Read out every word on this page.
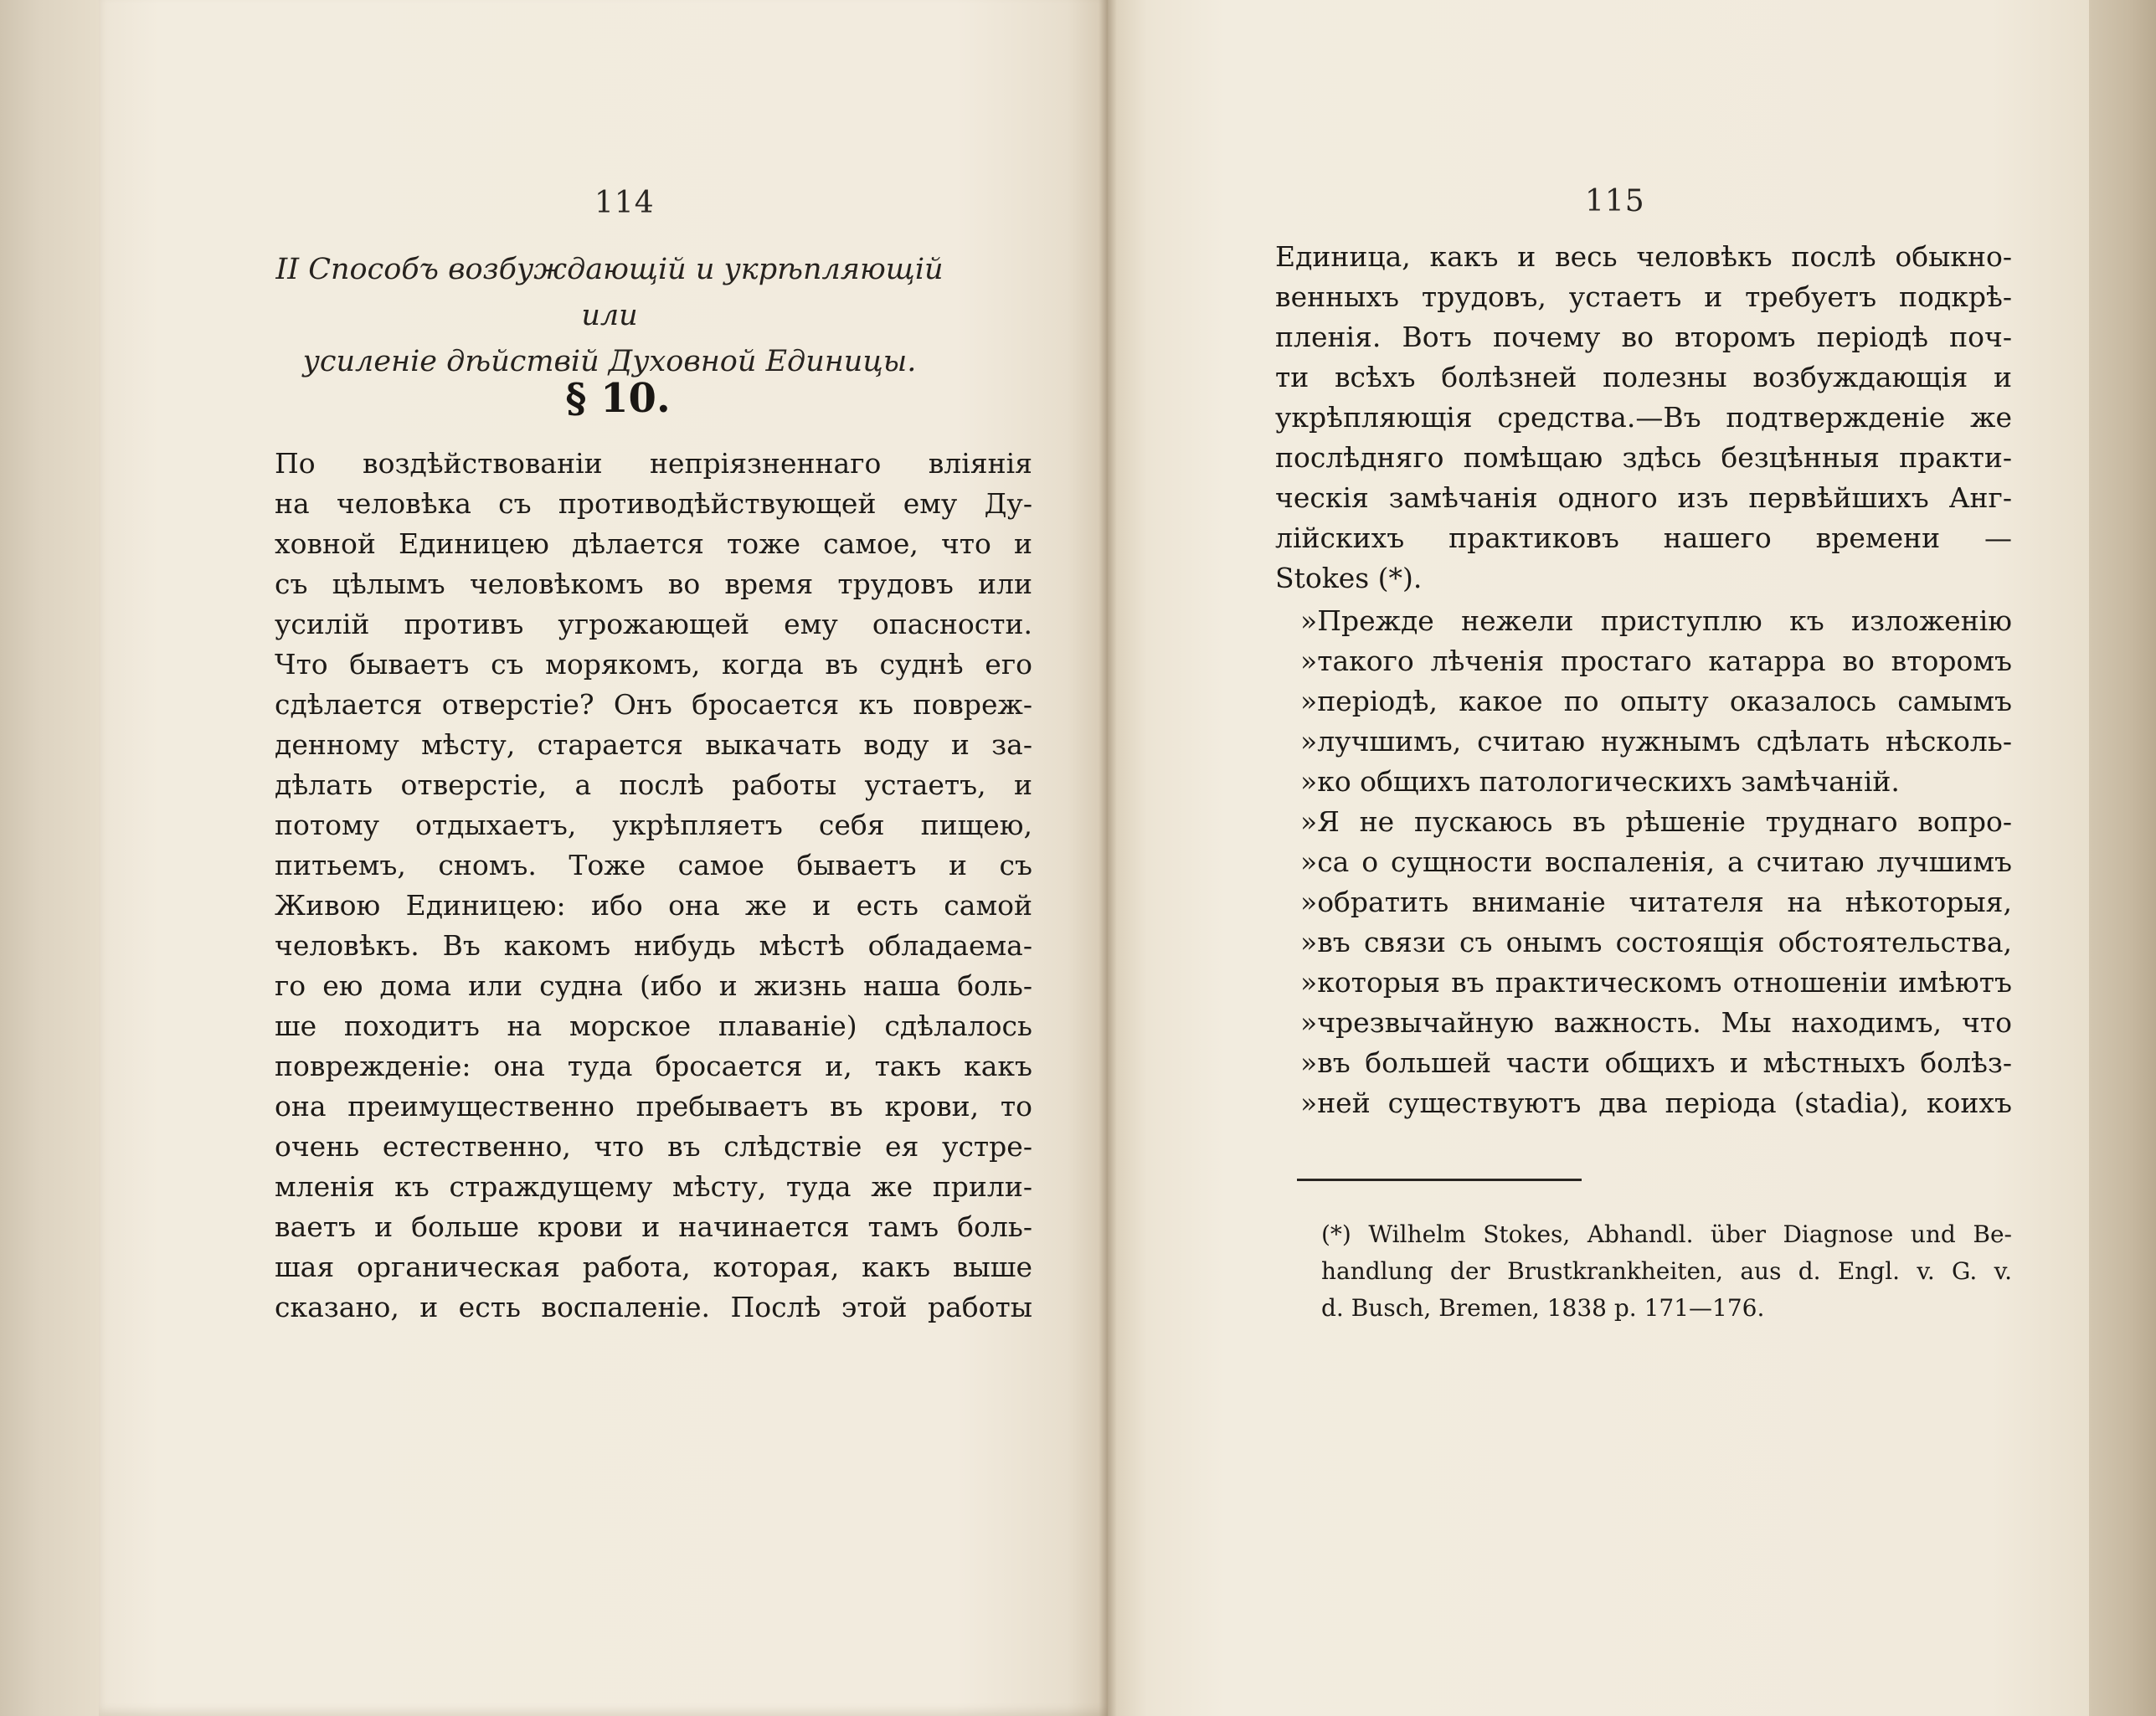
114
II Способъ возбуждающій и укрѣпляющій или
усиленіе дѣйствій Духовной Единицы.
§ 10.
По воздѣйствованіи непріязненнаго вліянія
на человѣка съ противодѣйствующей ему Ду-
ховной Единицею дѣлается тоже самое, что и
съ цѣлымъ человѣкомъ во время трудовъ или
усилій противъ угрожающей ему опасности.
Что бываетъ съ морякомъ, когда въ суднѣ его
сдѣлается отверстіе? Онъ бросается къ повреж-
денному мѣсту, старается выкачать воду и за-
дѣлать отверстіе, а послѣ работы устаетъ, и
потому отдыхаетъ, укрѣпляетъ себя пищею,
питьемъ, сномъ. Тоже самое бываетъ и съ
Живою Единицею: ибо она же и есть самой
человѣкъ. Въ какомъ нибудь мѣстѣ обладаема-
го ею дома или судна (ибо и жизнь наша боль-
ше походитъ на морское плаваніе) сдѣлалось
поврежденіе: она туда бросается и, такъ какъ
она преимущественно пребываетъ въ крови, то
очень естественно, что въ слѣдствіе ея устре-
мленія къ страждущему мѣсту, туда же прили-
ваетъ и больше крови и начинается тамъ боль-
шая органическая работа, которая, какъ выше
сказано, и есть воспаленіе. Послѣ этой работы
115
Единица, какъ и весь человѣкъ послѣ обыкно-
венныхъ трудовъ, устаетъ и требуетъ подкрѣ-
пленія. Вотъ почему во второмъ періодѣ поч-
ти всѣхъ болѣзней полезны возбуждающія и
укрѣпляющія средства.—Въ подтвержденіе же
послѣдняго помѣщаю здѣсь безцѣнныя практи-
ческія замѣчанія одного изъ первѣйшихъ Анг-
лійскихъ практиковъ нашего времени —
Stokes (*).
»Прежде нежели приступлю къ изложенію
»такого лѣченія простаго катарра во второмъ
»періодѣ, какое по опыту оказалось самымъ
»лучшимъ, считаю нужнымъ сдѣлать нѣсколь-
»ко общихъ патологическихъ замѣчаній.
»Я не пускаюсь въ рѣшеніе труднаго вопро-
»са о сущности воспаленія, а считаю лучшимъ
»обратить вниманіе читателя на нѣкоторыя,
»въ связи съ онымъ состоящія обстоятельства,
»которыя въ практическомъ отношеніи имѣютъ
»чрезвычайную важность. Мы находимъ, что
»въ большей части общихъ и мѣстныхъ болѣз-
»ней существуютъ два періода (stadia), коихъ
(*) Wilhelm Stokes, Abhandl. über Diagnose und Be-
handlung der Brustkrankheiten, aus d. Engl. v. G. v.
d. Busch, Bremen, 1838 p. 171—176.
